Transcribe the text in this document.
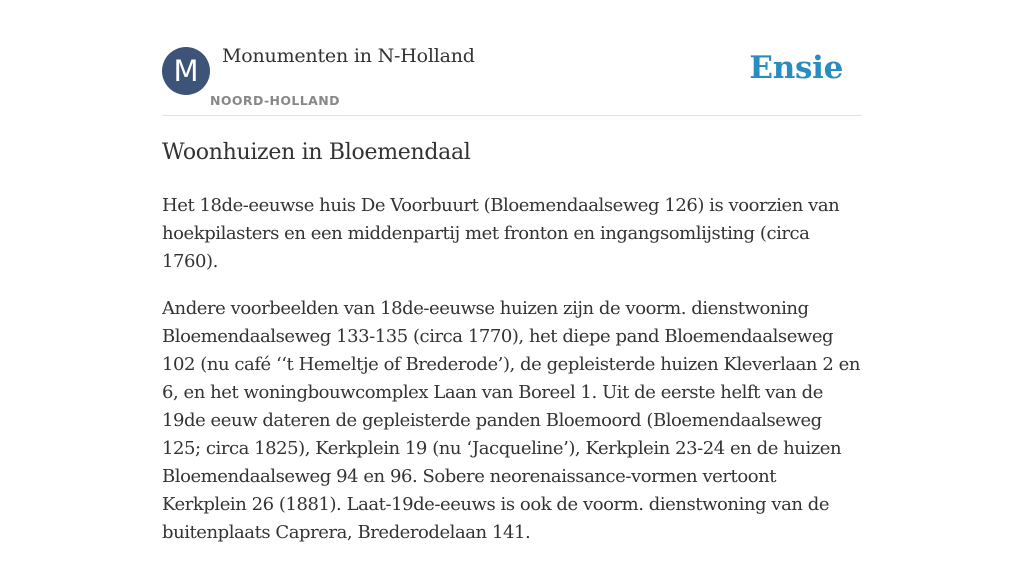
M	Monumenten in N-Holland
NOORD-HOLLAND
Ensie
Woonhuizen in Bloemendaal

Het 18de-eeuwse huis De Voorbuurt (Bloemendaalseweg 126) is voorzien van hoekpilasters en een middenpartij met fronton en ingangsomlijsting (circa 1760).

Andere voorbeelden van 18de-eeuwse huizen zijn de voorm. dienstwoning Bloemendaalseweg 133-135 (circa 1770), het diepe pand Bloemendaalseweg 102 (nu café ‘‘t Hemeltje of Brederode’), de gepleisterde huizen Kleverlaan 2 en 6, en het woningbouwcomplex Laan van Boreel 1. Uit de eerste helft van de 19de eeuw dateren de gepleisterde panden Bloemoord (Bloemendaalseweg 125; circa 1825), Kerkplein 19 (nu ‘Jacqueline’), Kerkplein 23-24 en de huizen Bloemendaalseweg 94 en 96. Sobere neorenaissance-vormen vertoont Kerkplein 26 (1881). Laat-19de-eeuws is ook de voorm. dienstwoning van de buitenplaats Caprera, Brederodelaan 141.
